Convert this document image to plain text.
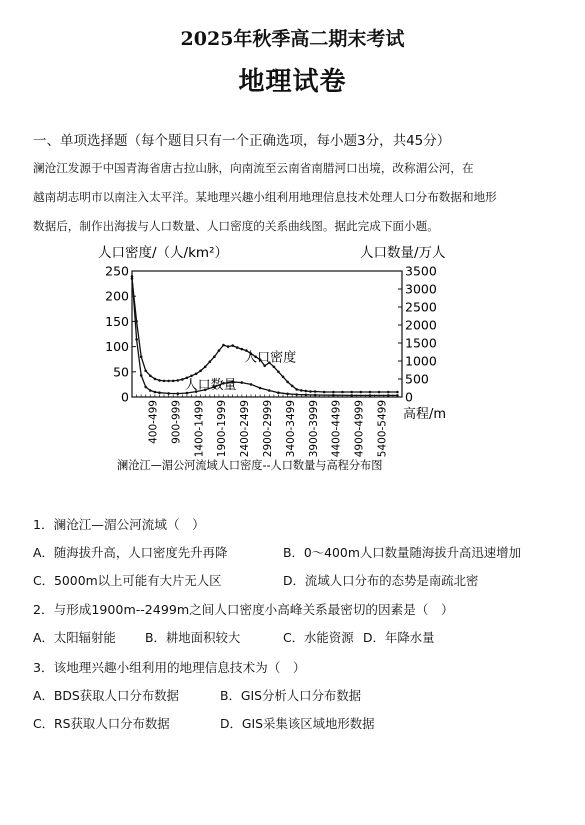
2025年秋季高二期末考试
地理试卷
一、单项选择题（每个题目只有一个正确选项，每小题3分，共45分）

澜沧江发源于中国青海省唐古拉山脉，向南流至云南省南腊河口出境，改称湄公河，在

越南胡志明市以南注入太平洋。某地理兴趣小组利用地理信息技术处理人口分布数据和地形

数据后，制作出海拔与人口数量、人口密度的关系曲线图。据此完成下面小题。

人口密度/（人/km²）	人口数量/万人
高程/m
0
50
100
150
200
250
0
500
1000
1500
2000
2500
3000
3500
400-499 900-999 1400-1499 1900-1999 2400-2499 2900-2999 3400-3499 3900-3999 4400-4499 4900-4999 5400-5499
人口密度
人口数量
澜沧江—湄公河流域人口密度--人口数量与高程分布图
1．澜沧江—湄公河流域（　）
A．随海拔升高，人口密度先升再降	B．0～400m人口数量随海拔升高迅速增加
C．5000m以上可能有大片无人区	D．流域人口分布的态势是南疏北密
2．与形成1900m--2499m之间人口密度小高峰关系最密切的因素是（　）
A．太阳辐射能 B．耕地面积较大	C．水能资源 D．年降水量
3．该地理兴趣小组利用的地理信息技术为（　）
A．BDS获取人口分布数据	B．GIS分析人口分布数据
C．RS获取人口分布数据	D．GIS采集该区域地形数据
